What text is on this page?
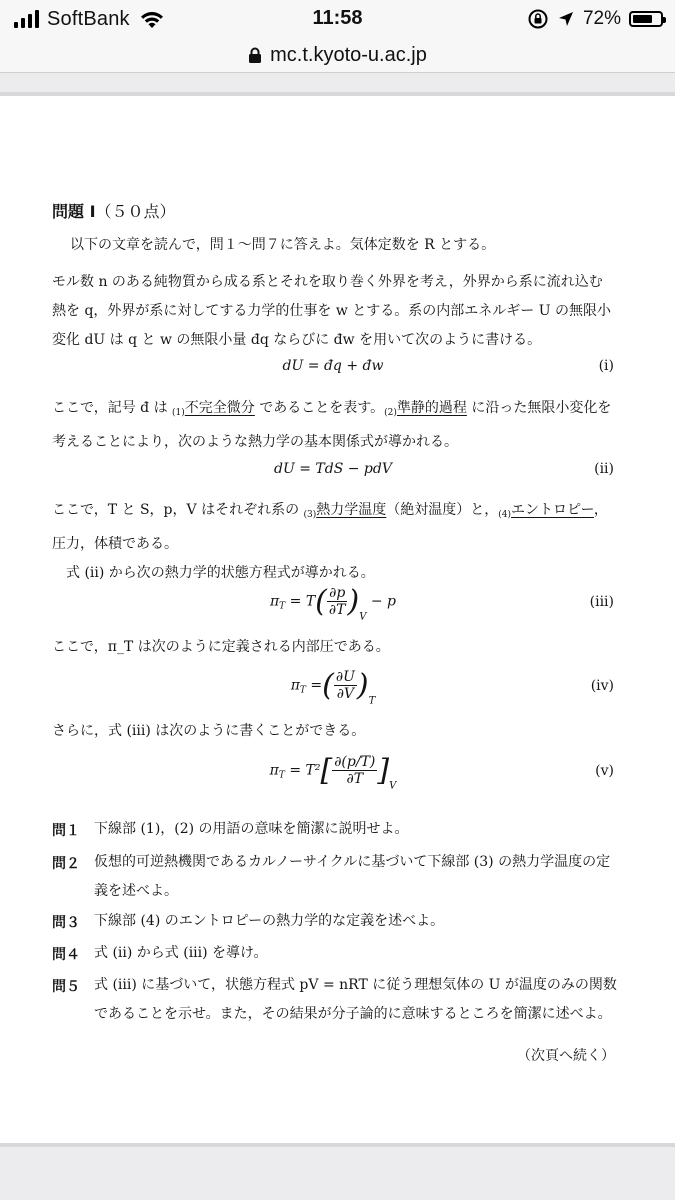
SoftBank	11:58	72%
mc.t.kyoto-u.ac.jp
問題 I（５０点）
以下の文章を読んで，問１〜問７に答えよ。気体定数を R とする。
モル数 n のある純物質から成る系とそれを取り巻く外界を考え，外界から系に流れ込む
熱を q，外界が系に対してする力学的仕事を w とする。系の内部エネルギー U の無限小
変化 dU は q と w の無限小量 đq ならびに đw を用いて次のように書ける。
dU = đq + đw	(i)
ここで，記号 đ は $_{(1)}$不完全微分 であることを表す。$_{(2)}$準静的過程 に沿った無限小変化を
考えることにより，次のような熱力学の基本関係式が導かれる。
dU = TdS − pdV	(ii)
ここで，T と S，p，V はそれぞれ系の $_{(3)}$熱力学温度（絶対温度）と，$_{(4)}$エントロピー，
圧力，体積である。
式 (ii) から次の熱力学的状態方程式が導かれる。
$\pi_T = T( \frac{\partial p}{\partial T} )_V - p$	(iii)
ここで，π_T は次のように定義される内部圧である。
$\pi_T$ =( $\frac{\partial U}{\partial V} )_T$
(iv)
さらに，式 (iii) は次のように書くことができる。
$\pi_T = T^2[ \frac{\partial(p/T)}{\partial T} ]_V$
(v)
問１ 下線部 (1)，(2) の用語の意味を簡潔に説明せよ。
問２ 仮想的可逆熱機関であるカルノーサイクルに基づいて下線部 (3) の熱力学温度の定
義を述べよ。
問３ 下線部 (4) のエントロピーの熱力学的な定義を述べよ。
問４ 式 (ii) から式 (iii) を導け。
問５ 式 (iii) に基づいて，状態方程式 pV = nRT に従う理想気体の U が温度のみの関数
であることを示せ。また，その結果が分子論的に意味するところを簡潔に述べよ。
（次頁へ続く）
